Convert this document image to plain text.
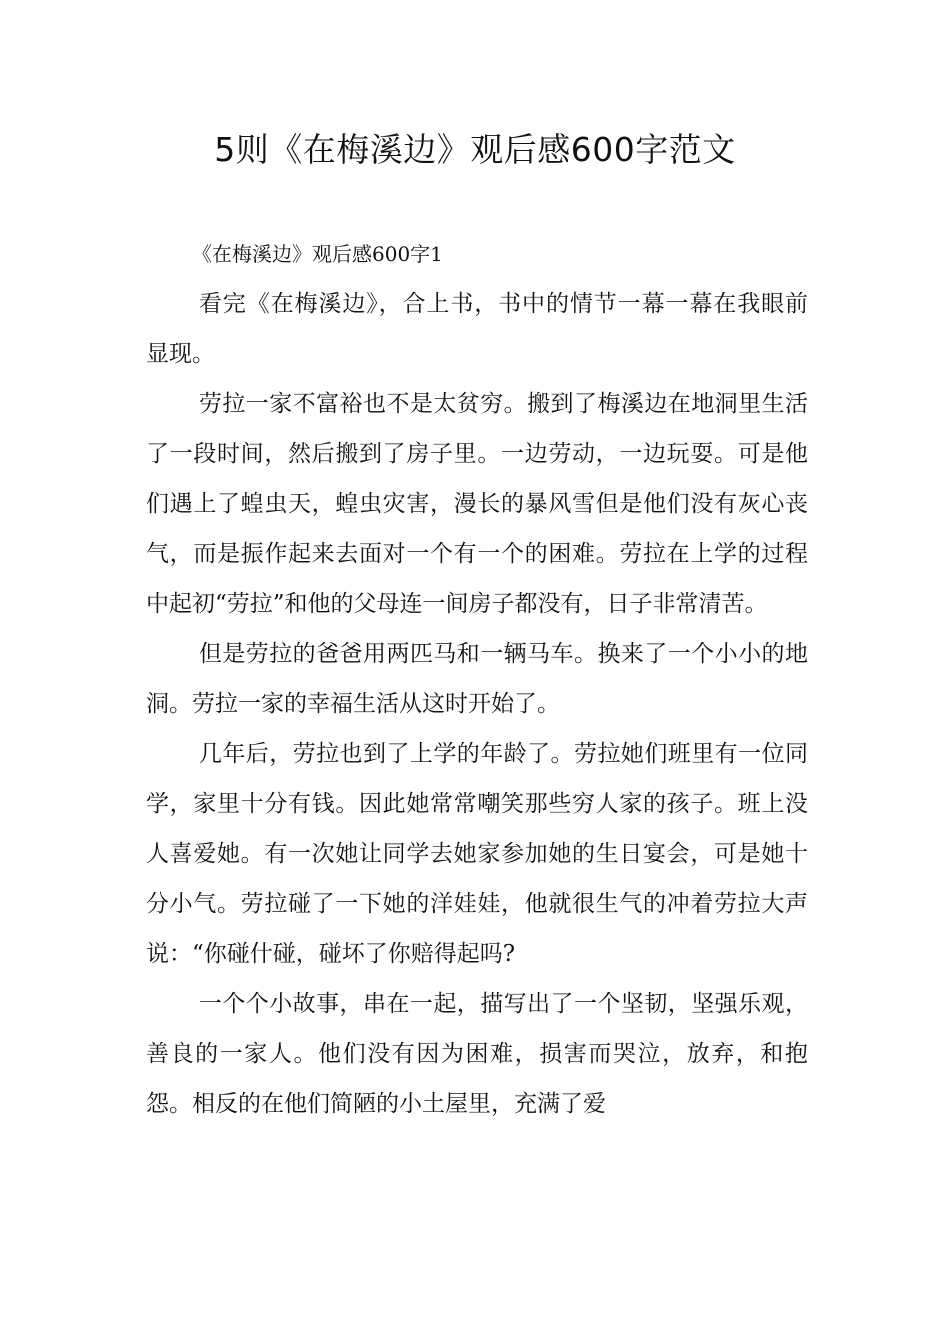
5则《在梅溪边》观后感600字范文

《在梅溪边》观后感600字1

看完《在梅溪边》，合上书，书中的情节一幕一幕在我眼前显现。

劳拉一家不富裕也不是太贫穷。搬到了梅溪边在地洞里生活了一段时间，然后搬到了房子里。一边劳动，一边玩耍。可是他们遇上了蝗虫天，蝗虫灾害，漫长的暴风雪但是他们没有灰心丧气，而是振作起来去面对一个有一个的困难。劳拉在上学的过程中起初“劳拉”和他的父母连一间房子都没有，日子非常清苦。

但是劳拉的爸爸用两匹马和一辆马车。换来了一个小小的地洞。劳拉一家的幸福生活从这时开始了。

几年后，劳拉也到了上学的年龄了。劳拉她们班里有一位同学，家里十分有钱。因此她常常嘲笑那些穷人家的孩子。班上没人喜爱她。有一次她让同学去她家参加她的生日宴会，可是她十分小气。劳拉碰了一下她的洋娃娃，他就很生气的冲着劳拉大声说：“你碰什碰，碰坏了你赔得起吗?

一个个小故事，串在一起，描写出了一个坚韧，坚强乐观，善良的一家人。他们没有因为困难，损害而哭泣，放弃，和抱怨。相反的在他们简陋的小土屋里，充满了爱
